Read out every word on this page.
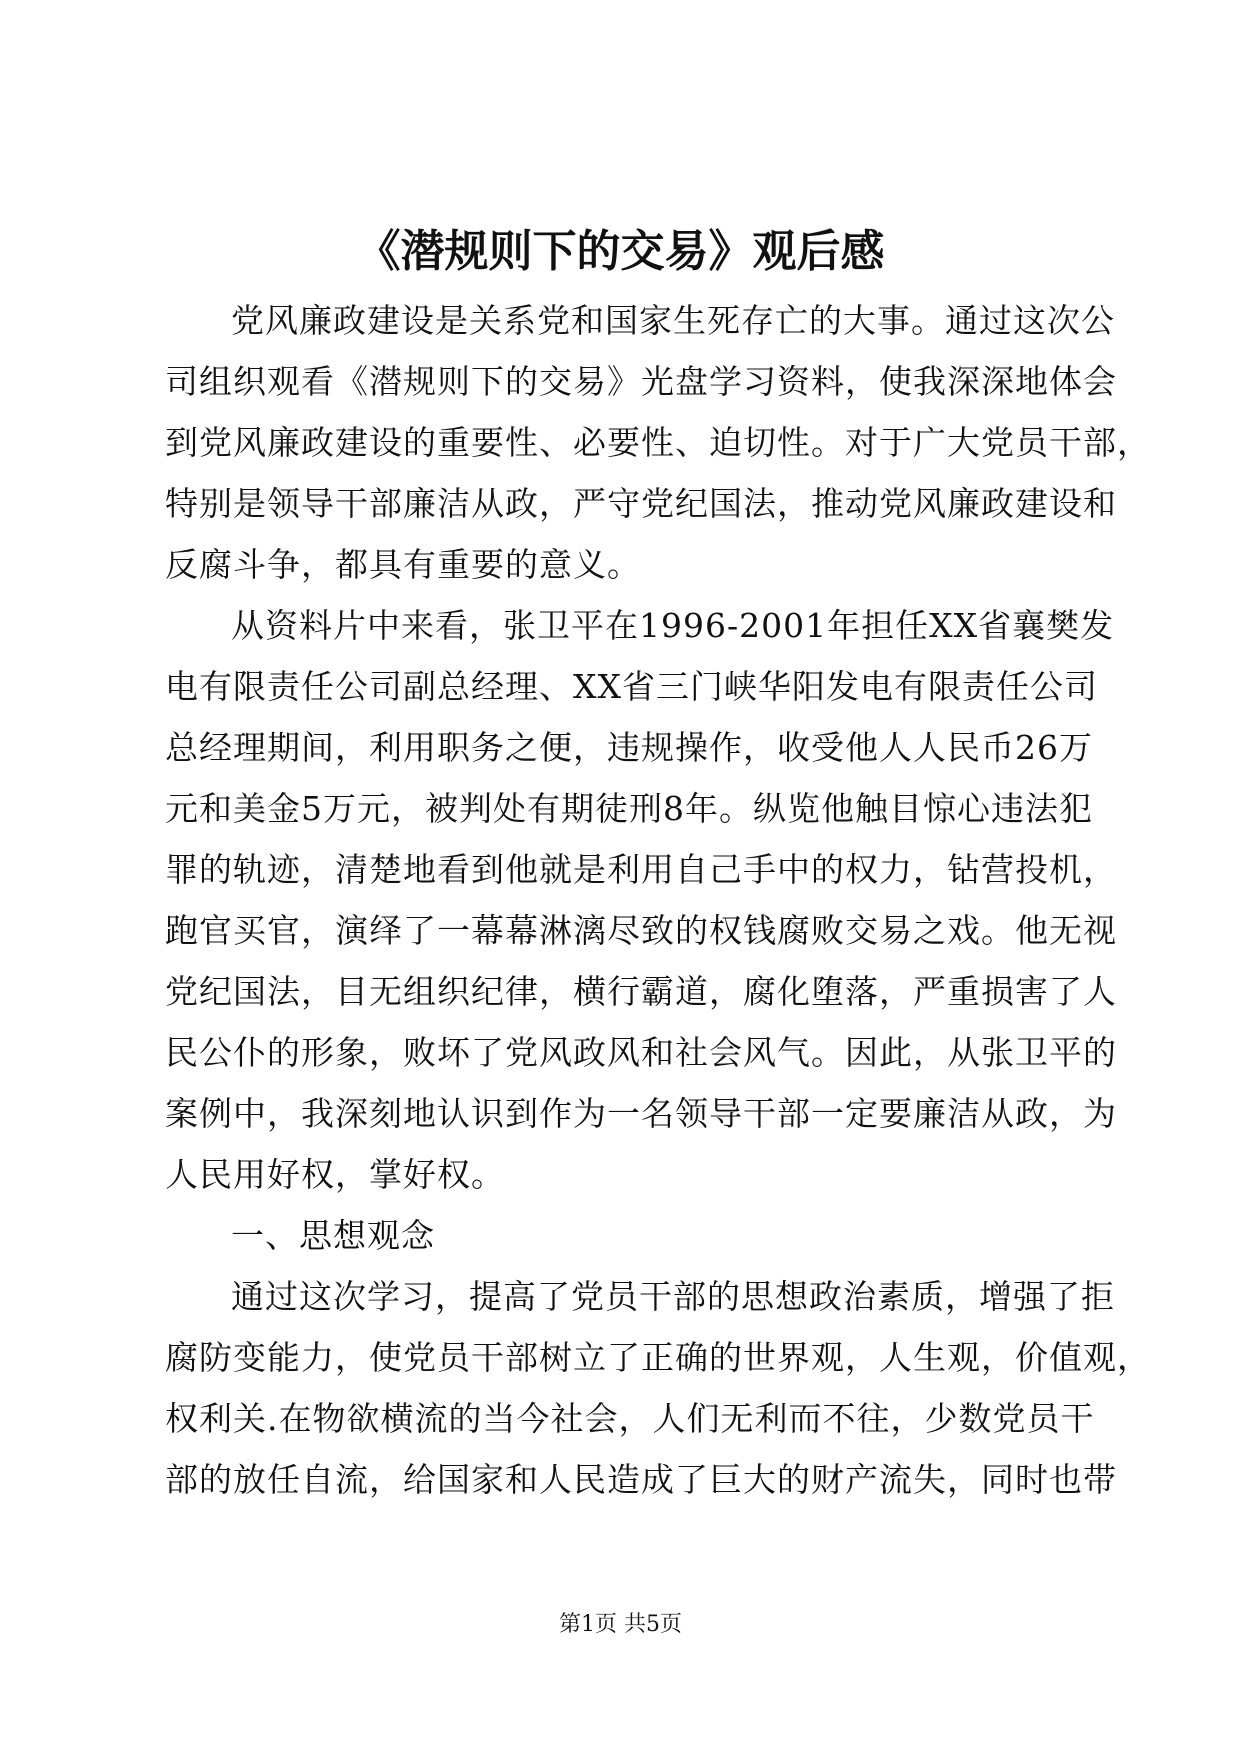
《潜规则下的交易》观后感
党风廉政建设是关系党和国家生死存亡的大事。通过这次公
司组织观看《潜规则下的交易》光盘学习资料，使我深深地体会
到党风廉政建设的重要性、必要性、迫切性。对于广大党员干部，
特别是领导干部廉洁从政，严守党纪国法，推动党风廉政建设和
反腐斗争，都具有重要的意义。
从资料片中来看，张卫平在1996-2001年担任XX省襄樊发
电有限责任公司副总经理、XX省三门峡华阳发电有限责任公司
总经理期间，利用职务之便，违规操作，收受他人人民币26万
元和美金5万元，被判处有期徒刑8年。纵览他触目惊心违法犯
罪的轨迹，清楚地看到他就是利用自己手中的权力，钻营投机，
跑官买官，演绎了一幕幕淋漓尽致的权钱腐败交易之戏。他无视
党纪国法，目无组织纪律，横行霸道，腐化堕落，严重损害了人
民公仆的形象，败坏了党风政风和社会风气。因此，从张卫平的
案例中，我深刻地认识到作为一名领导干部一定要廉洁从政，为
人民用好权，掌好权。
一、思想观念
通过这次学习，提高了党员干部的思想政治素质，增强了拒
腐防变能力，使党员干部树立了正确的世界观，人生观，价值观，
权利关.在物欲横流的当今社会，人们无利而不往，少数党员干
部的放任自流，给国家和人民造成了巨大的财产流失，同时也带
第1页 共5页
